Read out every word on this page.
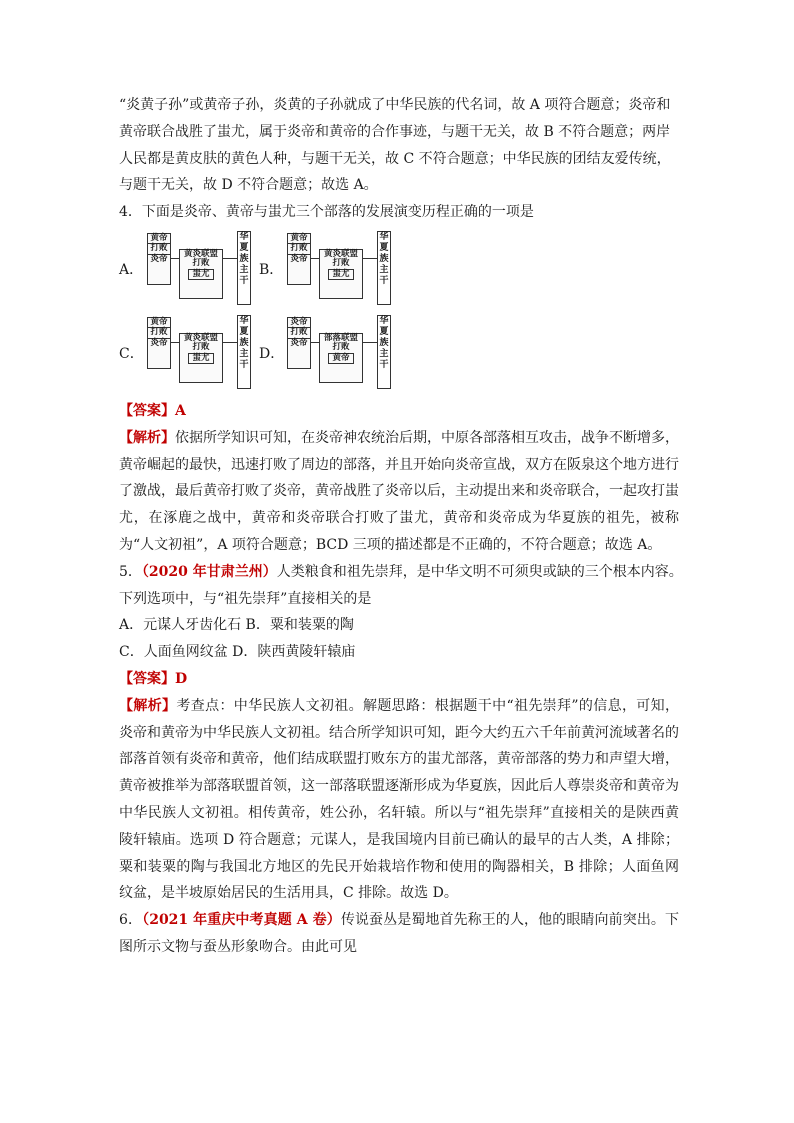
“炎黄子孙”或黄帝子孙，炎黄的子孙就成了中华民族的代名词，故 A 项符合题意；炎帝和

黄帝联合战胜了蚩尤，属于炎帝和黄帝的合作事迹，与题干无关，故 B 不符合题意；两岸

人民都是黄皮肤的黄色人种，与题干无关，故 C 不符合题意；中华民族的团结友爱传统，

与题干无关，故 D 不符合题意；故选 A。

4．下面是炎帝、黄帝与蚩尤三个部落的发展演变历程正确的一项是

A．
黄帝
打败
炎帝	黄炎联盟
打败
蚩尤
华夏族主干
B．
黄帝
打败
炎帝	黄炎联盟
打败
蚩尤
华夏族主干
C．
黄帝
打败
炎帝	黄炎联盟
打败
蚩尤
华夏族主干
D．
炎帝
打败
炎帝	部落联盟
打败
黄帝
华夏族主干

【答案】A

【解析】依据所学知识可知，在炎帝神农统治后期，中原各部落相互攻击，战争不断增多，黄帝崛起的最快，迅速打败了周边的部落，并且开始向炎帝宣战，双方在阪泉这个地方进行了激战，最后黄帝打败了炎帝，黄帝战胜了炎帝以后，主动提出来和炎帝联合，一起攻打蚩尤，在涿鹿之战中，黄帝和炎帝联合打败了蚩尤，黄帝和炎帝成为华夏族的祖先，被称为“人文初祖”，A 项符合题意；BCD 三项的描述都是不正确的，不符合题意；故选 A。

5．（2020 年甘肃兰州）人类粮食和祖先崇拜，是中华文明不可须臾或缺的三个根本内容。

下列选项中，与“祖先崇拜”直接相关的是

A．元谋人牙齿化石 B．粟和装粟的陶

C．人面鱼网纹盆 D．陕西黄陵轩辕庙

【答案】D

【解析】考查点：中华民族人文初祖。解题思路：根据题干中“祖先崇拜”的信息，可知，炎帝和黄帝为中华民族人文初祖。结合所学知识可知，距今大约五六千年前黄河流域著名的部落首领有炎帝和黄帝，他们结成联盟打败东方的蚩尤部落，黄帝部落的势力和声望大增，黄帝被推举为部落联盟首领，这一部落联盟逐渐形成为华夏族，因此后人尊崇炎帝和黄帝为中华民族人文初祖。相传黄帝，姓公孙，名轩辕。所以与“祖先崇拜”直接相关的是陕西黄陵轩辕庙。选项 D 符合题意；元谋人，是我国境内目前已确认的最早的古人类，A 排除；粟和装粟的陶与我国北方地区的先民开始栽培作物和使用的陶器相关，B 排除；人面鱼网纹盆，是半坡原始居民的生活用具，C 排除。故选 D。

6．（2021 年重庆中考真题 A 卷）传说蚕丛是蜀地首先称王的人，他的眼睛向前突出。下图所示文物与蚕丛形象吻合。由此可见
